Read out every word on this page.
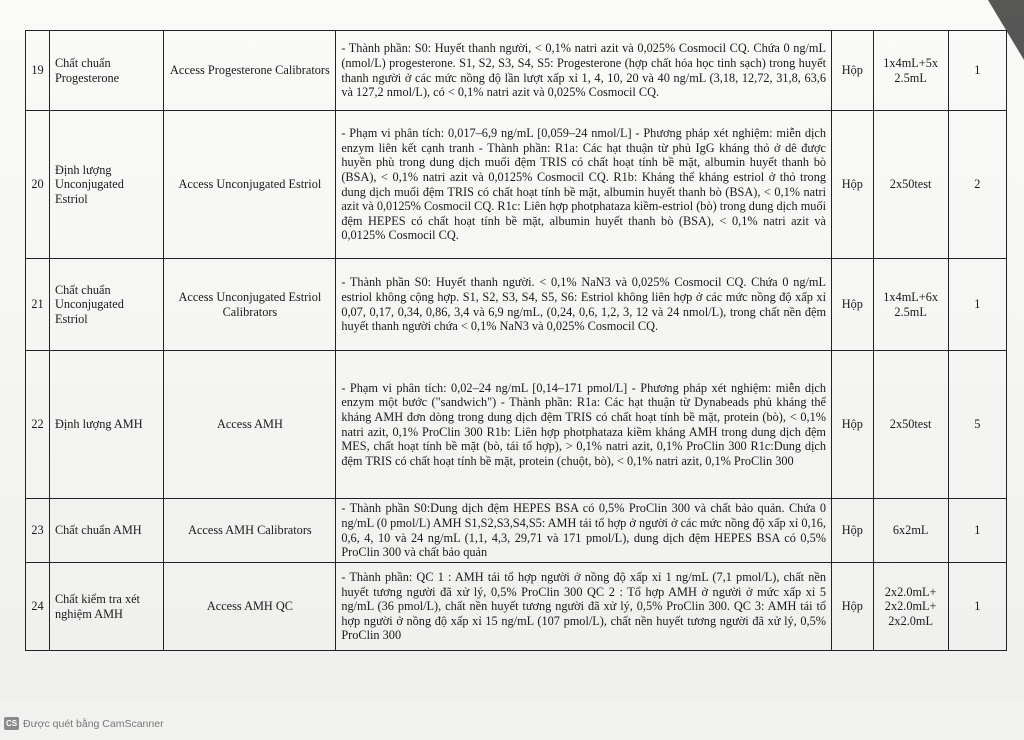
19	Chất chuẩn Progesterone	Access Progesterone Calibrators	- Thành phần: S0: Huyết thanh người, < 0,1% natri azit và 0,025% Cosmocil CQ. Chứa 0 ng/mL (nmol/L) progesterone. S1, S2, S3, S4, S5: Progesterone (hợp chất hóa học tinh sạch) trong huyết thanh người ở các mức nồng độ lần lượt xấp xỉ 1, 4, 10, 20 và 40 ng/mL (3,18, 12,72, 31,8, 63,6 và 127,2 nmol/L), có < 0,1% natri azit và 0,025% Cosmocil CQ.	Hộp	1x4mL+5x 2.5mL	1
20	Định lượng Unconjugated Estriol	Access Unconjugated Estriol	- Phạm vi phân tích: 0,017–6,9 ng/mL [0,059–24 nmol/L] - Phương pháp xét nghiệm: miễn dịch enzym liên kết cạnh tranh - Thành phần: R1a: Các hạt thuận từ phủ IgG kháng thỏ ở dê được huyền phù trong dung dịch muối đệm TRIS có chất hoạt tính bề mặt, albumin huyết thanh bò (BSA), < 0,1% natri azit và 0,0125% Cosmocil CQ. R1b: Kháng thể kháng estriol ở thỏ trong dung dịch muối đệm TRIS có chất hoạt tính bề mặt, albumin huyết thanh bò (BSA), < 0,1% natri azit và 0,0125% Cosmocil CQ. R1c: Liên hợp photphataza kiềm-estriol (bò) trong dung dịch muối đệm HEPES có chất hoạt tính bề mặt, albumin huyết thanh bò (BSA), < 0,1% natri azit và 0,0125% Cosmocil CQ.	Hộp	2x50test	2
21	Chất chuẩn Unconjugated Estriol	Access Unconjugated Estriol Calibrators	- Thành phần S0: Huyết thanh người. < 0,1% NaN3 và 0,025% Cosmocil CQ. Chứa 0 ng/mL estriol không cộng hợp. S1, S2, S3, S4, S5, S6: Estriol không liên hợp ở các mức nồng độ xấp xỉ 0,07, 0,17, 0,34, 0,86, 3,4 và 6,9 ng/mL, (0,24, 0,6, 1,2, 3, 12 và 24 nmol/L), trong chất nền đệm huyết thanh người chứa < 0,1% NaN3 và 0,025% Cosmocil CQ.	Hộp	1x4mL+6x 2.5mL	1
22	Định lượng AMH	Access AMH	- Phạm vi phân tích: 0,02–24 ng/mL [0,14–171 pmol/L] - Phương pháp xét nghiệm: miễn dịch enzym một bước ("sandwich") - Thành phần: R1a: Các hạt thuận từ Dynabeads phủ kháng thể kháng AMH đơn dòng trong dung dịch đệm TRIS có chất hoạt tính bề mặt, protein (bò), < 0,1% natri azit, 0,1% ProClin 300 R1b: Liên hợp photphataza kiềm kháng AMH trong dung dịch đệm MES, chất hoạt tính bề mặt (bò, tái tổ hợp), > 0,1% natri azit, 0,1% ProClin 300 R1c:Dung dịch đệm TRIS có chất hoạt tính bề mặt, protein (chuột, bò), < 0,1% natri azit, 0,1% ProClin 300	Hộp	2x50test	5
23	Chất chuẩn AMH	Access AMH Calibrators	- Thành phần S0:Dung dịch đệm HEPES BSA có 0,5% ProClin 300 và chất bảo quản. Chứa 0 ng/mL (0 pmol/L) AMH S1,S2,S3,S4,S5: AMH tái tổ hợp ở người ở các mức nồng độ xấp xỉ 0,16, 0,6, 4, 10 và 24 ng/mL (1,1, 4,3, 29,71 và 171 pmol/L), dung dịch đệm HEPES BSA có 0,5% ProClin 300 và chất bảo quản	Hộp	6x2mL	1
24	Chất kiểm tra xét nghiệm AMH	Access AMH QC	- Thành phần: QC 1 : AMH tái tổ hợp người ở nồng độ xấp xỉ 1 ng/mL (7,1 pmol/L), chất nền huyết tương người đã xử lý, 0,5% ProClin 300 QC 2 : Tổ hợp AMH ở người ở mức xấp xỉ 5 ng/mL (36 pmol/L), chất nền huyết tương người đã xử lý, 0,5% ProClin 300. QC 3: AMH tái tổ hợp người ở nồng độ xấp xỉ 15 ng/mL (107 pmol/L), chất nền huyết tương người đã xử lý, 0,5% ProClin 300	Hộp	2x2.0mL+ 2x2.0mL+ 2x2.0mL	1
CS Được quét bằng CamScanner
